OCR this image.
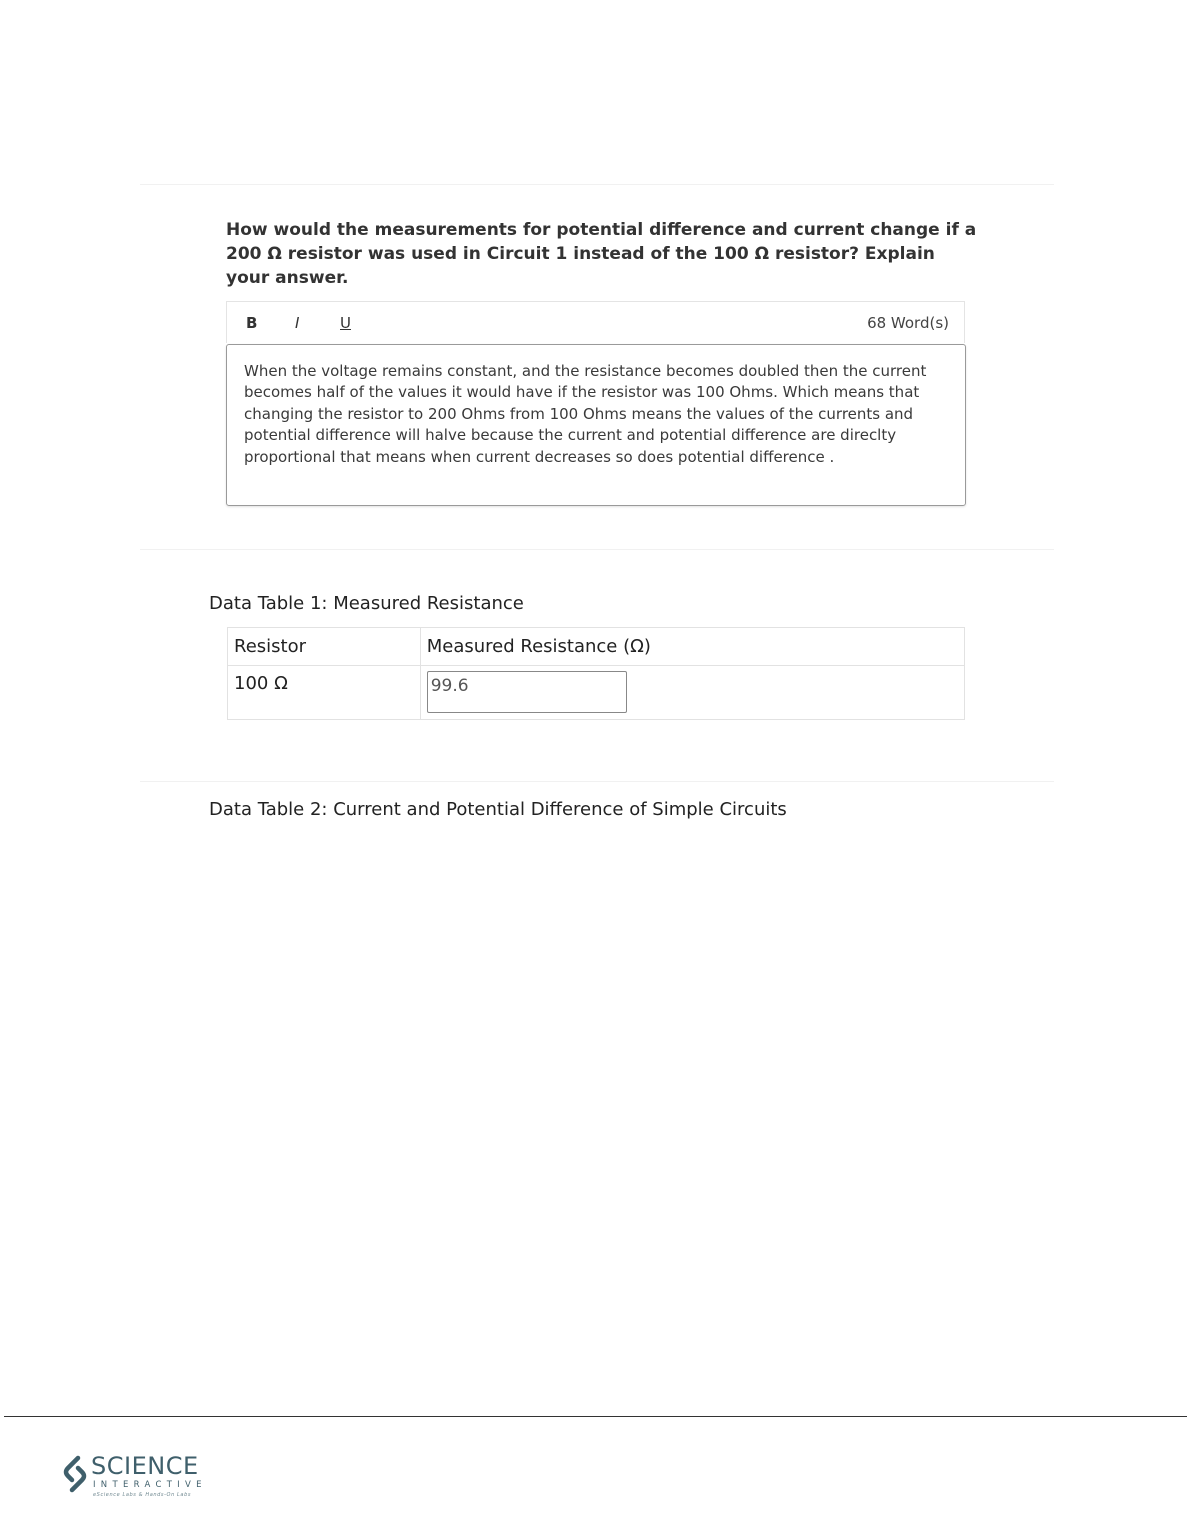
How would the measurements for potential difference and current change if a 200 Ω resistor was used in Circuit 1 instead of the 100 Ω resistor? Explain your answer.

B	I	U	68 Word(s)
When the voltage remains constant, and the resistance becomes doubled then the current becomes half of the values it would have if the resistor was 100 Ohms. Which means that changing the resistor to 200 Ohms from 100 Ohms means the values of the currents and potential difference will halve because the current and potential difference are direclty proportional that means when current decreases so does potential difference .
Data Table 1: Measured Resistance
Resistor	Measured Resistance (Ω)

100 Ω	99.6
Data Table 2: Current and Potential Difference of Simple Circuits
SCIENCE
INTERACTIVE
eScience Labs & Hands-On Labs
